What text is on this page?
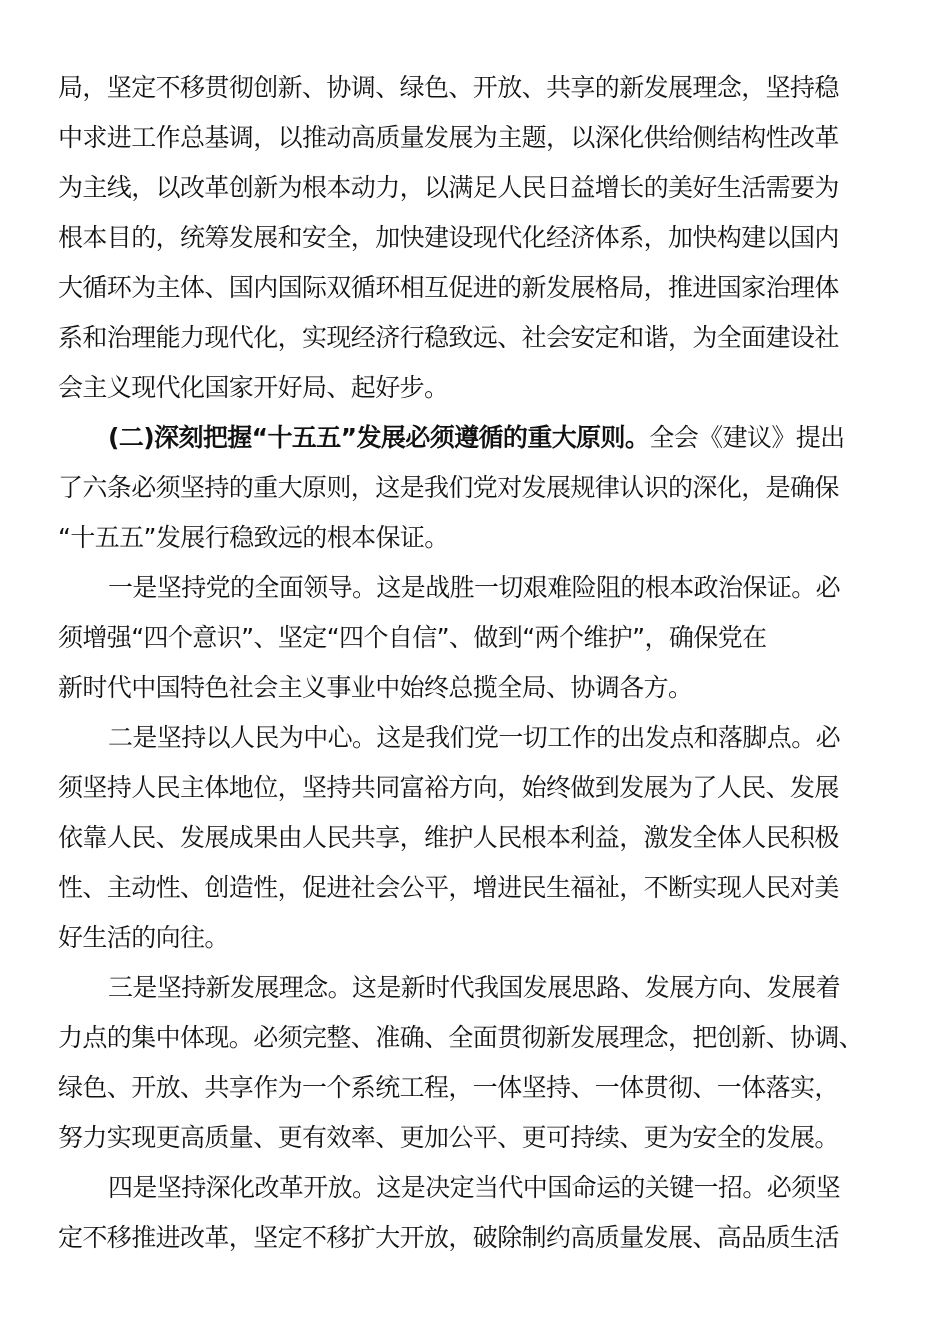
局，坚定不移贯彻创新、协调、绿色、开放、共享的新发展理念，坚持稳
中求进工作总基调，以推动高质量发展为主题，以深化供给侧结构性改革
为主线，以改革创新为根本动力，以满足人民日益增长的美好生活需要为
根本目的，统筹发展和安全，加快建设现代化经济体系，加快构建以国内
大循环为主体、国内国际双循环相互促进的新发展格局，推进国家治理体
系和治理能力现代化，实现经济行稳致远、社会安定和谐，为全面建设社
会主义现代化国家开好局、起好步。
(二)深刻把握“十五五”发展必须遵循的重大原则。全会《建议》提出
了六条必须坚持的重大原则，这是我们党对发展规律认识的深化，是确保
“十五五”发展行稳致远的根本保证。
一是坚持党的全面领导。这是战胜一切艰难险阻的根本政治保证。必
须增强“四个意识”、坚定“四个自信”、做到“两个维护”，确保党在
新时代中国特色社会主义事业中始终总揽全局、协调各方。
二是坚持以人民为中心。这是我们党一切工作的出发点和落脚点。必
须坚持人民主体地位，坚持共同富裕方向，始终做到发展为了人民、发展
依靠人民、发展成果由人民共享，维护人民根本利益，激发全体人民积极
性、主动性、创造性，促进社会公平，增进民生福祉，不断实现人民对美
好生活的向往。
三是坚持新发展理念。这是新时代我国发展思路、发展方向、发展着
力点的集中体现。必须完整、准确、全面贯彻新发展理念，把创新、协调、
绿色、开放、共享作为一个系统工程，一体坚持、一体贯彻、一体落实，
努力实现更高质量、更有效率、更加公平、更可持续、更为安全的发展。
四是坚持深化改革开放。这是决定当代中国命运的关键一招。必须坚
定不移推进改革，坚定不移扩大开放，破除制约高质量发展、高品质生活
